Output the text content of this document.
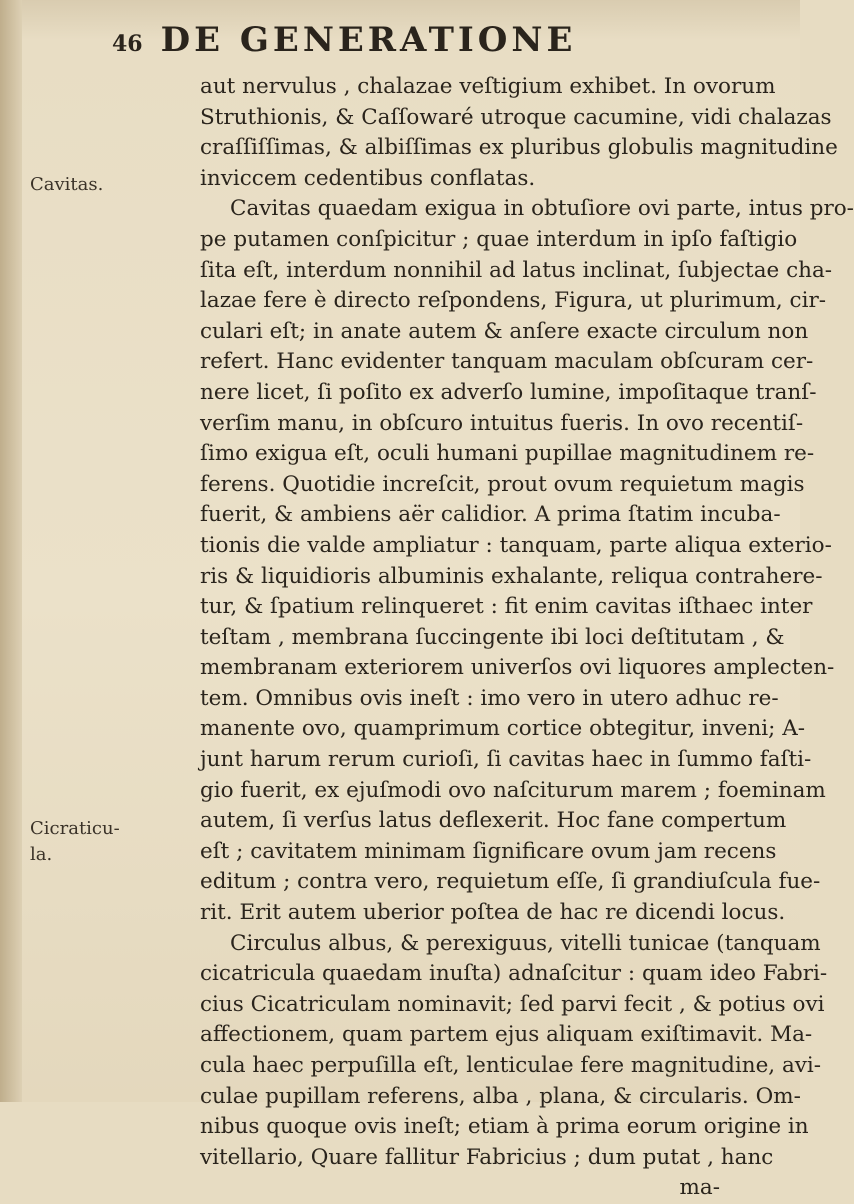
46 DE GENERATIONE
Cavitas.
Cicraticu-
la.
aut nervulus , chalazae veſtigium exhibet. In ovorum
Struthionis, & Caſſowaré utroque cacumine, vidi chalazas
craſſiſſimas, & albiſſimas ex pluribus globulis magnitudine
inviccem cedentibus conflatas.
Cavitas quaedam exigua in obtuſiore ovi parte, intus pro-
pe putamen conſpicitur ; quae interdum in ipſo faſtigio
ſita eſt, interdum nonnihil ad latus inclinat, ſubjectae cha-
lazae fere è directo reſpondens, Figura, ut plurimum, cir-
culari eſt; in anate autem & anſere exacte circulum non
refert. Hanc evidenter tanquam maculam obſcuram cer-
nere licet, ſi poſito ex adverſo lumine, impoſitaque tranſ-
verſim manu, in obſcuro intuitus fueris. In ovo recentiſ-
ſimo exigua eſt, oculi humani pupillae magnitudinem re-
ferens. Quotidie increſcit, prout ovum requietum magis
fuerit, & ambiens aër calidior. A prima ſtatim incuba-
tionis die valde ampliatur : tanquam, parte aliqua exterio-
ris & liquidioris albuminis exhalante, reliqua contrahere-
tur, & ſpatium relinqueret : fit enim cavitas iſthaec inter
teſtam , membrana ſuccingente ibi loci deſtitutam , &
membranam exteriorem univerſos ovi liquores amplecten-
tem. Omnibus ovis ineſt : imo vero in utero adhuc re-
manente ovo, quamprimum cortice obtegitur, inveni; A-
junt harum rerum curioſi, ſi cavitas haec in ſummo faſti-
gio fuerit, ex ejuſmodi ovo naſciturum marem ; foeminam
autem, ſi verſus latus deflexerit. Hoc fane compertum
eſt ; cavitatem minimam ſignificare ovum jam recens
editum ; contra vero, requietum eſſe, ſi grandiuſcula fue-
rit. Erit autem uberior poſtea de hac re dicendi locus.
Circulus albus, & perexiguus, vitelli tunicae (tanquam
cicatricula quaedam inuſta) adnaſcitur : quam ideo Fabri-
cius Cicatriculam nominavit; ſed parvi fecit , & potius ovi
affectionem, quam partem ejus aliquam exiſtimavit. Ma-
cula haec perpuſilla eſt, lenticulae fere magnitudine, avi-
culae pupillam referens, alba , plana, & circularis. Om-
nibus quoque ovis ineſt; etiam à prima eorum origine in
vitellario, Quare fallitur Fabricius ; dum putat , hanc
ma-
